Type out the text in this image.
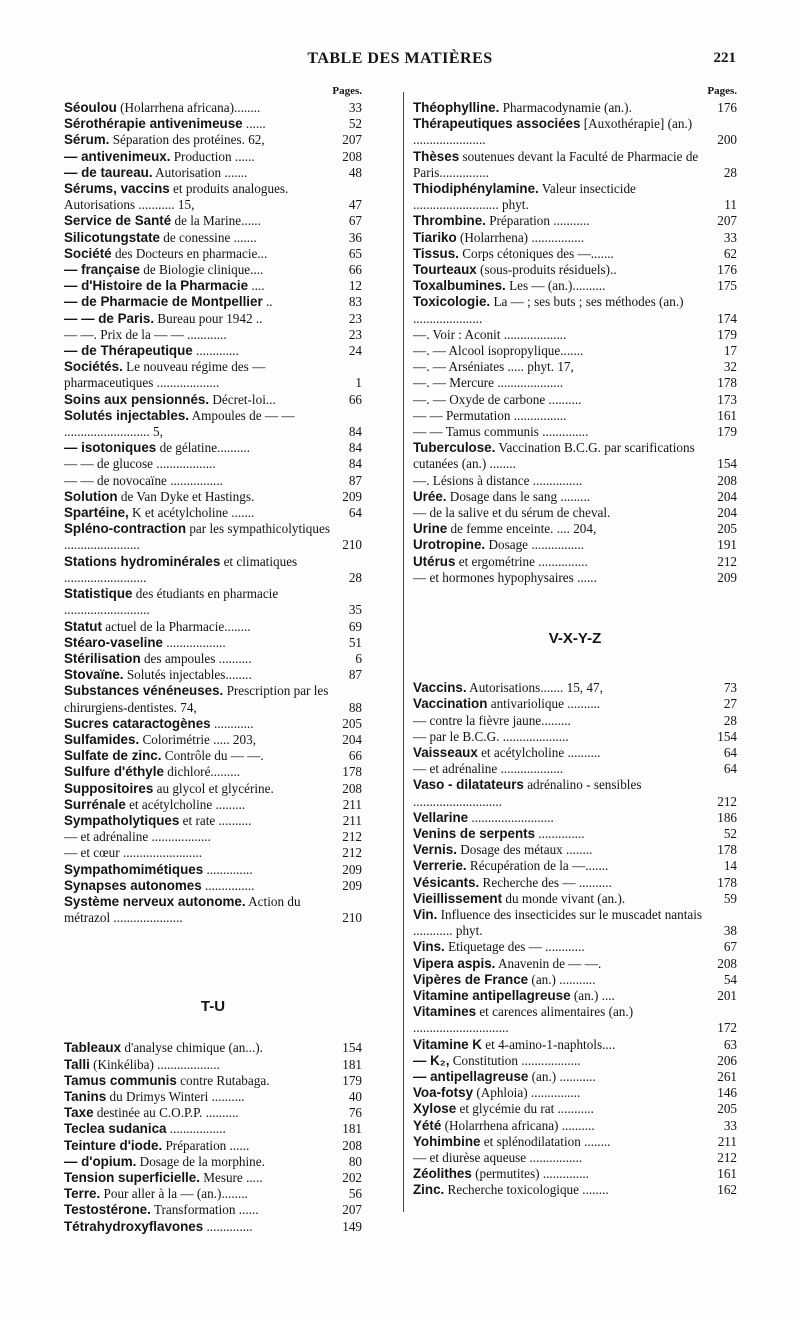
TABLE DES MATIÈRES	221
Pages.
Séoulou (Holarrhena africana)........	33
Sérothérapie antivenimeuse ......	52
Sérum. Séparation des protéines. 62,	207
— antivenimeux. Production ......	208
— de taureau. Autorisation .......	48
Sérums, vaccins et produits analogues. Autorisations ........... 15,	47
Service de Santé de la Marine......	67
Silicotungstate de conessine .......	36
Société des Docteurs en pharmacie...	65
— française de Biologie clinique....	66
— d'Histoire de la Pharmacie ....	12
— de Pharmacie de Montpellier ..	83
— — de Paris. Bureau pour 1942 ..	23
— —. Prix de la — — ............	23
— de Thérapeutique .............	24
Sociétés. Le nouveau régime des — pharmaceutiques ...................	1
Soins aux pensionnés. Décret-loi...	66
Solutés injectables. Ampoules de — — .......................... 5,	84
— isotoniques de gélatine..........	84
— — de glucose ..................	84
— — de novocaïne ................	87
Solution de Van Dyke et Hastings.	209
Spartéine, K et acétylcholine .......	64
Spléno-contraction par les sympathicolytiques .......................	210
Stations hydrominérales et climatiques .........................	28
Statistique des étudiants en pharmacie ..........................	35
Statut actuel de la Pharmacie........	69
Stéaro-vaseline ..................	51
Stérilisation des ampoules ..........	6
Stovaïne. Solutés injectables........	87
Substances vénéneuses. Prescription par les chirurgiens-dentistes. 74,	88
Sucres cataractogènes ............	205
Sulfamides. Colorimétrie ..... 203,	204
Sulfate de zinc. Contrôle du — —.	66
Sulfure d'éthyle dichloré.........	178
Suppositoires au glycol et glycérine.	208
Surrénale et acétylcholine .........	211
Sympatholytiques et rate ..........	211
— et adrénaline ..................	212
— et cœur ........................	212
Sympathomimétiques ..............	209
Synapses autonomes ...............	209
Système nerveux autonome. Action du métrazol .....................	210
T-U
Tableaux d'analyse chimique (an...).	154
Talli (Kinkéliba) ...................	181
Tamus communis contre Rutabaga.	179
Tanins du Drimys Winteri ..........	40
Taxe destinée au C.O.P.P. ..........	76
Teclea sudanica .................	181
Teinture d'iode. Préparation ......	208
— d'opium. Dosage de la morphine.	80
Tension superficielle. Mesure .....	202
Terre. Pour aller à la — (an.)........	56
Testostérone. Transformation ......	207
Tétrahydroxyflavones ..............	149
Pages.
Théophylline. Pharmacodynamie (an.).	176
Thérapeutiques associées [Auxothérapie] (an.) ......................	200
Thèses soutenues devant la Faculté de Pharmacie de Paris...............	28
Thiodiphénylamine. Valeur insecticide .......................... phyt.	11
Thrombine. Préparation ...........	207
Tiariko (Holarrhena) ................	33
Tissus. Corps cétoniques des —.......	62
Tourteaux (sous-produits résiduels)..	176
Toxalbumines. Les — (an.)..........	175
Toxicologie. La — ; ses buts ; ses méthodes (an.) .....................	174
—. Voir : Aconit ...................	179
—. — Alcool isopropylique.......	17
—. — Arséniates ..... phyt. 17,	32
—. — Mercure ....................	178
—. — Oxyde de carbone ..........	173
— — Permutation ................	161
— — Tamus communis ..............	179
Tuberculose. Vaccination B.C.G. par scarifications cutanées (an.) ........	154
—. Lésions à distance ...............	208
Urée. Dosage dans le sang .........	204
— de la salive et du sérum de cheval.	204
Urine de femme enceinte. .... 204,	205
Urotropine. Dosage ................	191
Utérus et ergométrine ...............	212
— et hormones hypophysaires ......	209
V-X-Y-Z
Vaccins. Autorisations....... 15, 47,	73
Vaccination antivariolique ..........	27
— contre la fièvre jaune.........	28
— par le B.C.G. ....................	154
Vaisseaux et acétylcholine ..........	64
— et adrénaline ...................	64
Vaso - dilatateurs adrénalino - sensibles ...........................	212
Vellarine .........................	186
Venins de serpents ..............	52
Vernis. Dosage des métaux ........	178
Verrerie. Récupération de la —.......	14
Vésicants. Recherche des — ..........	178
Vieillissement du monde vivant (an.).	59
Vin. Influence des insecticides sur le muscadet nantais ............ phyt.	38
Vins. Etiquetage des — ............	67
Vipera aspis. Anavenin de — —.	208
Vipères de France (an.) ...........	54
Vitamine antipellagreuse (an.) ....	201
Vitamines et carences alimentaires (an.) .............................	172
Vitamine K et 4-amino-1-naphtols....	63
— K₂, Constitution ..................	206
— antipellagreuse (an.) ...........	261
Voa-fotsy (Aphloia) ...............	146
Xylose et glycémie du rat ...........	205
Yété (Holarrhena africana) ..........	33
Yohimbine et splénodilatation ........	211
— et diurèse aqueuse ................	212
Zéolithes (permutites) ..............	161
Zinc. Recherche toxicologique ........	162
